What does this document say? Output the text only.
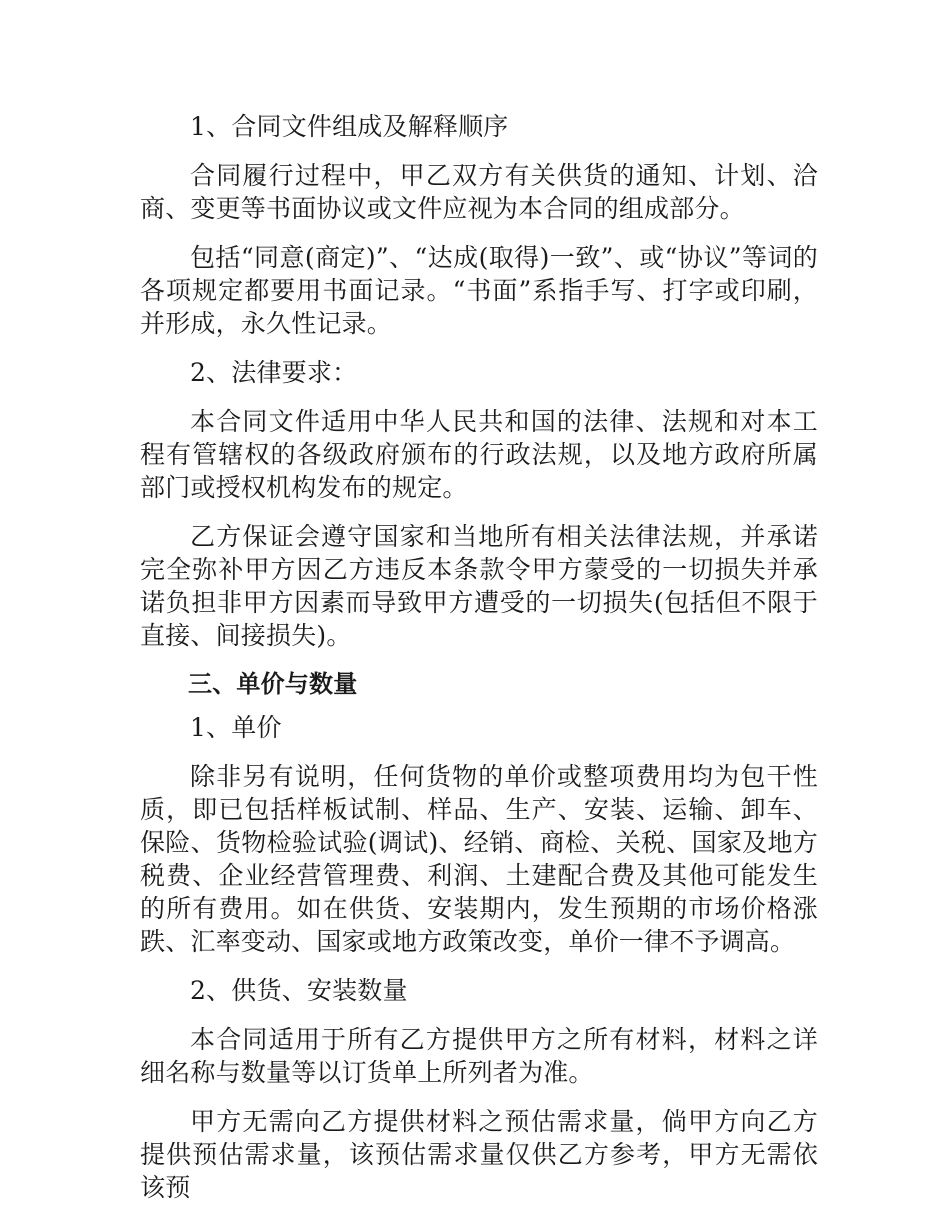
1、合同文件组成及解释顺序

合同履行过程中，甲乙双方有关供货的通知、计划、洽商、变更等书面协议或文件应视为本合同的组成部分。

包括“同意(商定)”、“达成(取得)一致”、或“协议”等词的各项规定都要用书面记录。“书面”系指手写、打字或印刷，并形成，永久性记录。

2、法律要求：

本合同文件适用中华人民共和国的法律、法规和对本工程有管辖权的各级政府颁布的行政法规，以及地方政府所属部门或授权机构发布的规定。

乙方保证会遵守国家和当地所有相关法律法规，并承诺完全弥补甲方因乙方违反本条款令甲方蒙受的一切损失并承诺负担非甲方因素而导致甲方遭受的一切损失(包括但不限于直接、间接损失)。

三、单价与数量

1、单价

除非另有说明，任何货物的单价或整项费用均为包干性质，即已包括样板试制、样品、生产、安装、运输、卸车、保险、货物检验试验(调试)、经销、商检、关税、国家及地方税费、企业经营管理费、利润、土建配合费及其他可能发生的所有费用。如在供货、安装期内，发生预期的市场价格涨跌、汇率变动、国家或地方政策改变，单价一律不予调高。

2、供货、安装数量

本合同适用于所有乙方提供甲方之所有材料，材料之详细名称与数量等以订货单上所列者为准。

甲方无需向乙方提供材料之预估需求量，倘甲方向乙方提供预估需求量，该预估需求量仅供乙方参考，甲方无需依该预
